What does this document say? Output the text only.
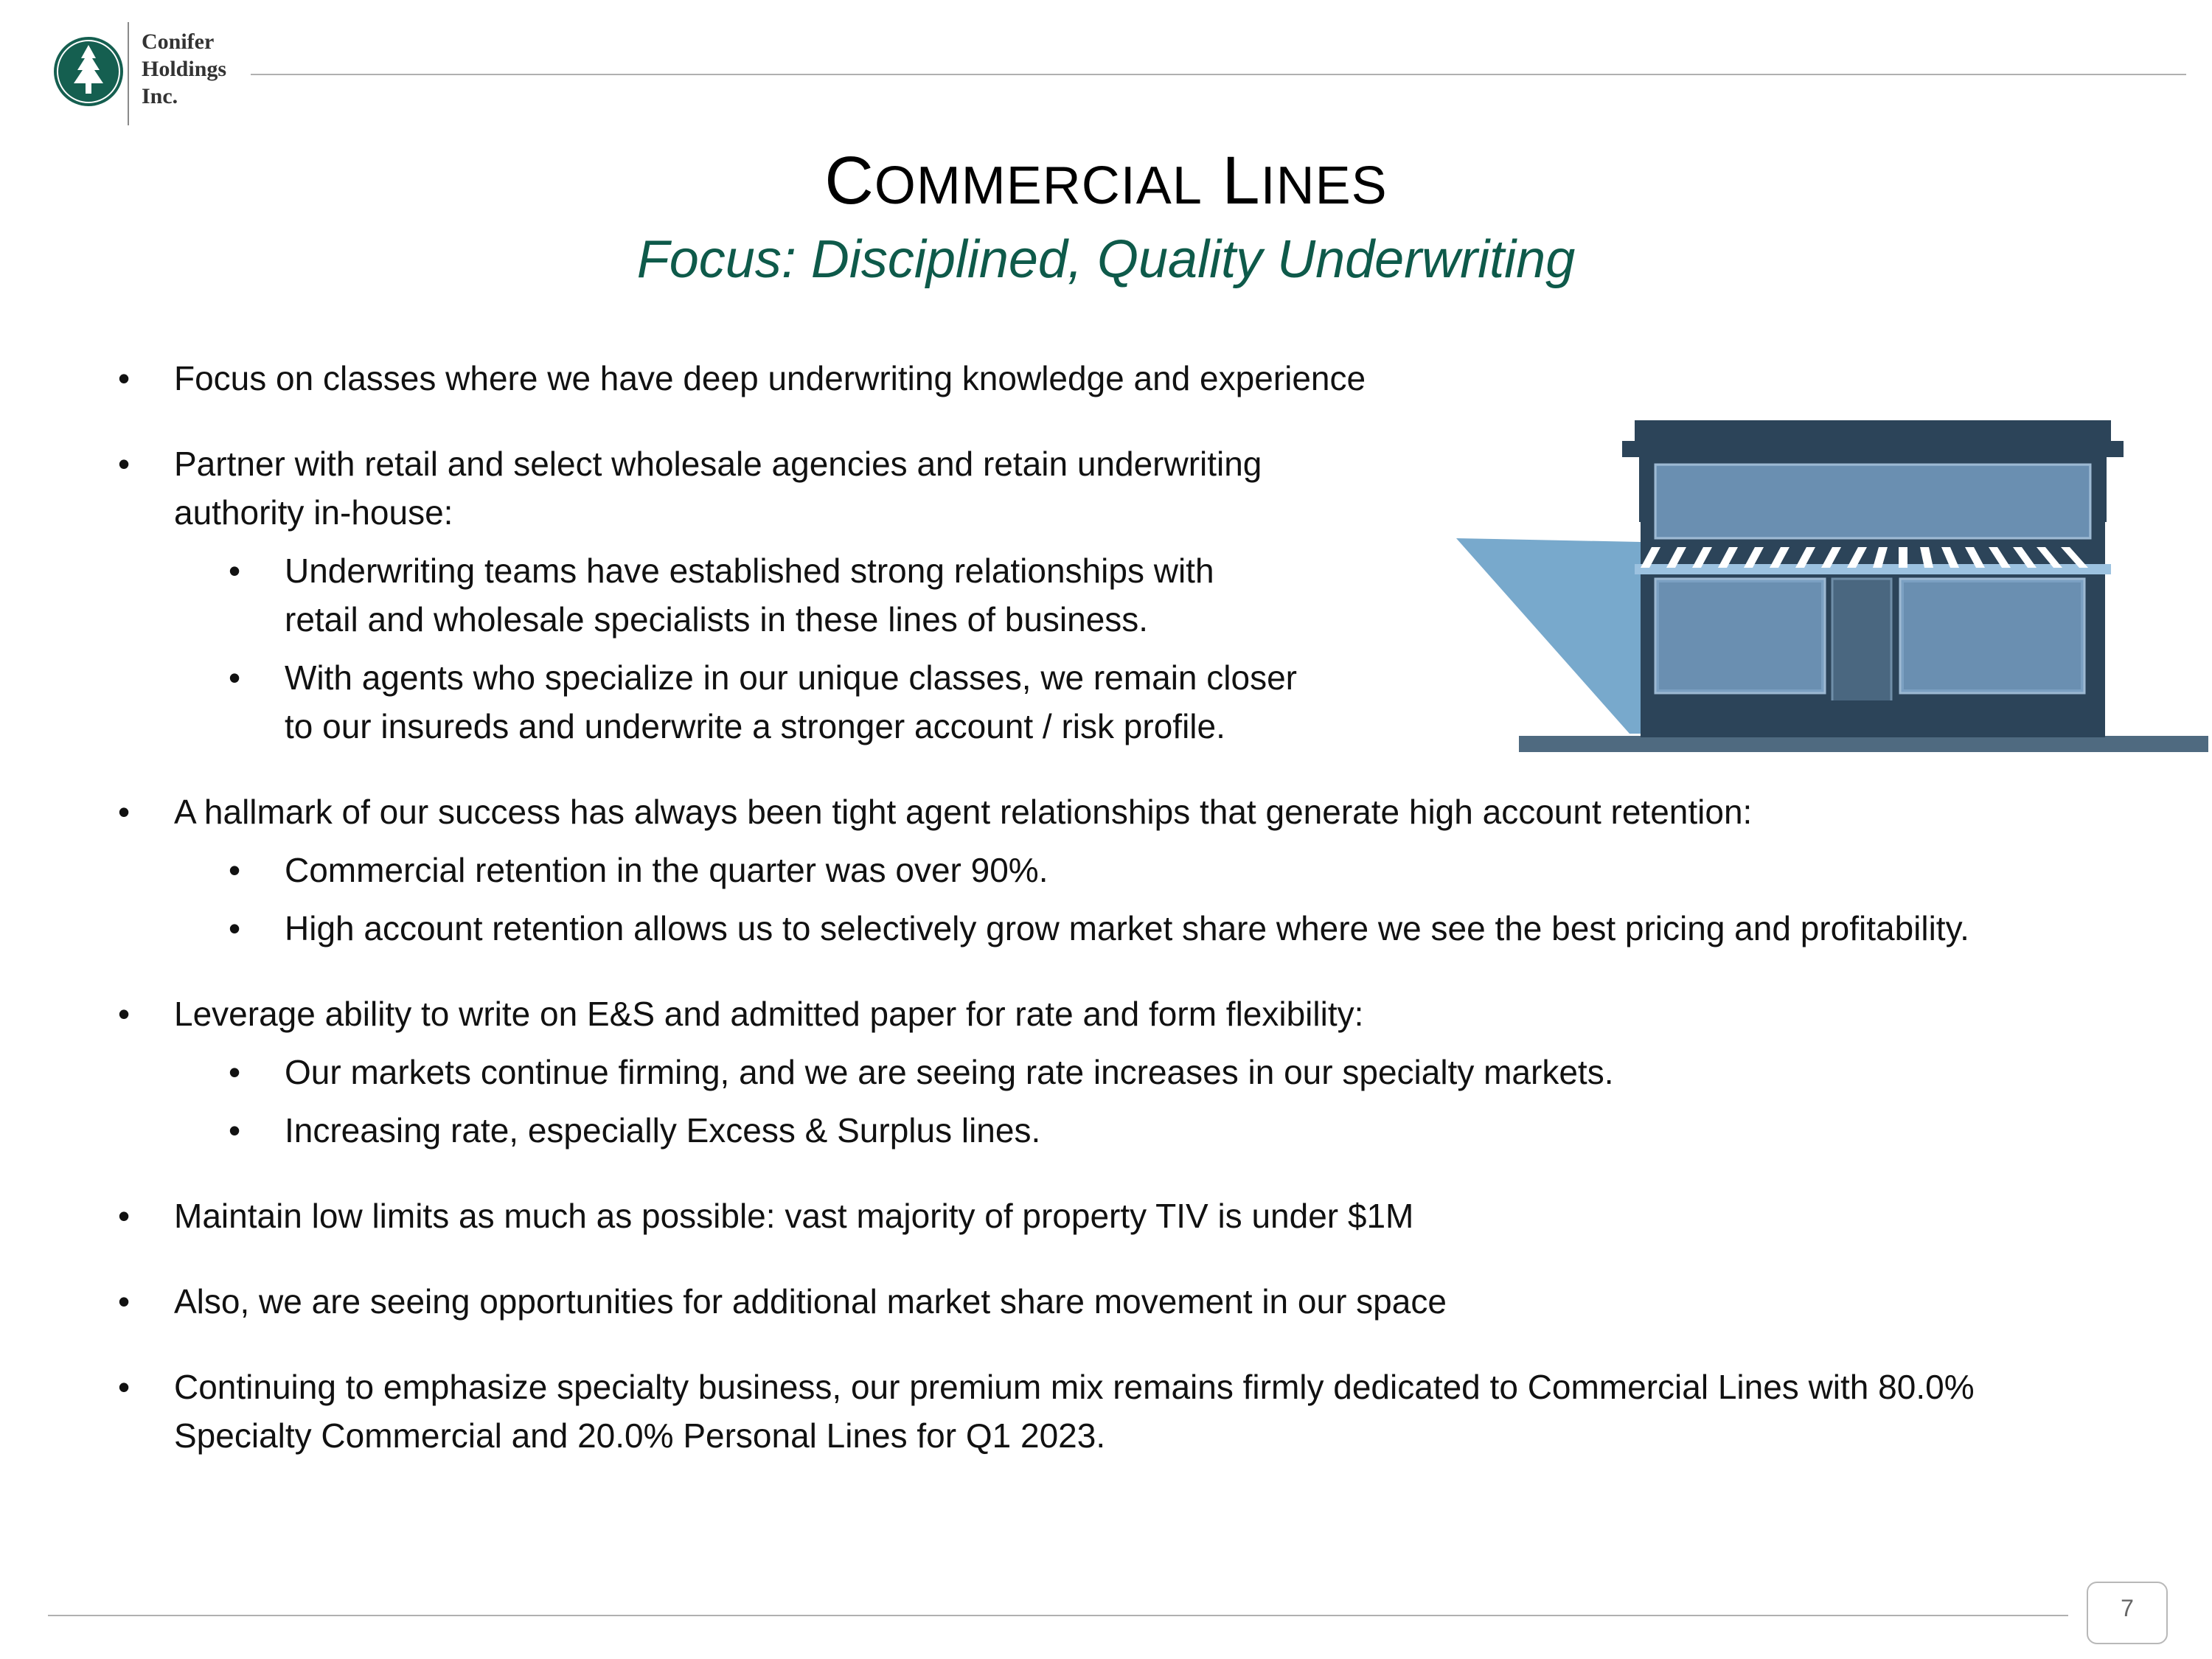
Conifer
Holdings
Inc.
COMMERCIAL LINES
Focus: Disciplined, Quality Underwriting
• Focus on classes where we have deep underwriting knowledge and experience
• Partner with retail and select wholesale agencies and retain underwriting authority in-house:
• Underwriting teams have established strong relationships with retail and wholesale specialists in these lines of business.
• With agents who specialize in our unique classes, we remain closer to our insureds and underwrite a stronger account / risk profile.
• A hallmark of our success has always been tight agent relationships that generate high account retention:
• Commercial retention in the quarter was over 90%.
• High account retention allows us to selectively grow market share where we see the best pricing and profitability.
• Leverage ability to write on E&S and admitted paper for rate and form flexibility:
• Our markets continue firming, and we are seeing rate increases in our specialty markets.
• Increasing rate, especially Excess & Surplus lines.
• Maintain low limits as much as possible: vast majority of property TIV is under $1M
• Also, we are seeing opportunities for additional market share movement in our space
• Continuing to emphasize specialty business, our premium mix remains firmly dedicated to Commercial Lines with 80.0% Specialty Commercial and 20.0% Personal Lines for Q1 2023.
7
